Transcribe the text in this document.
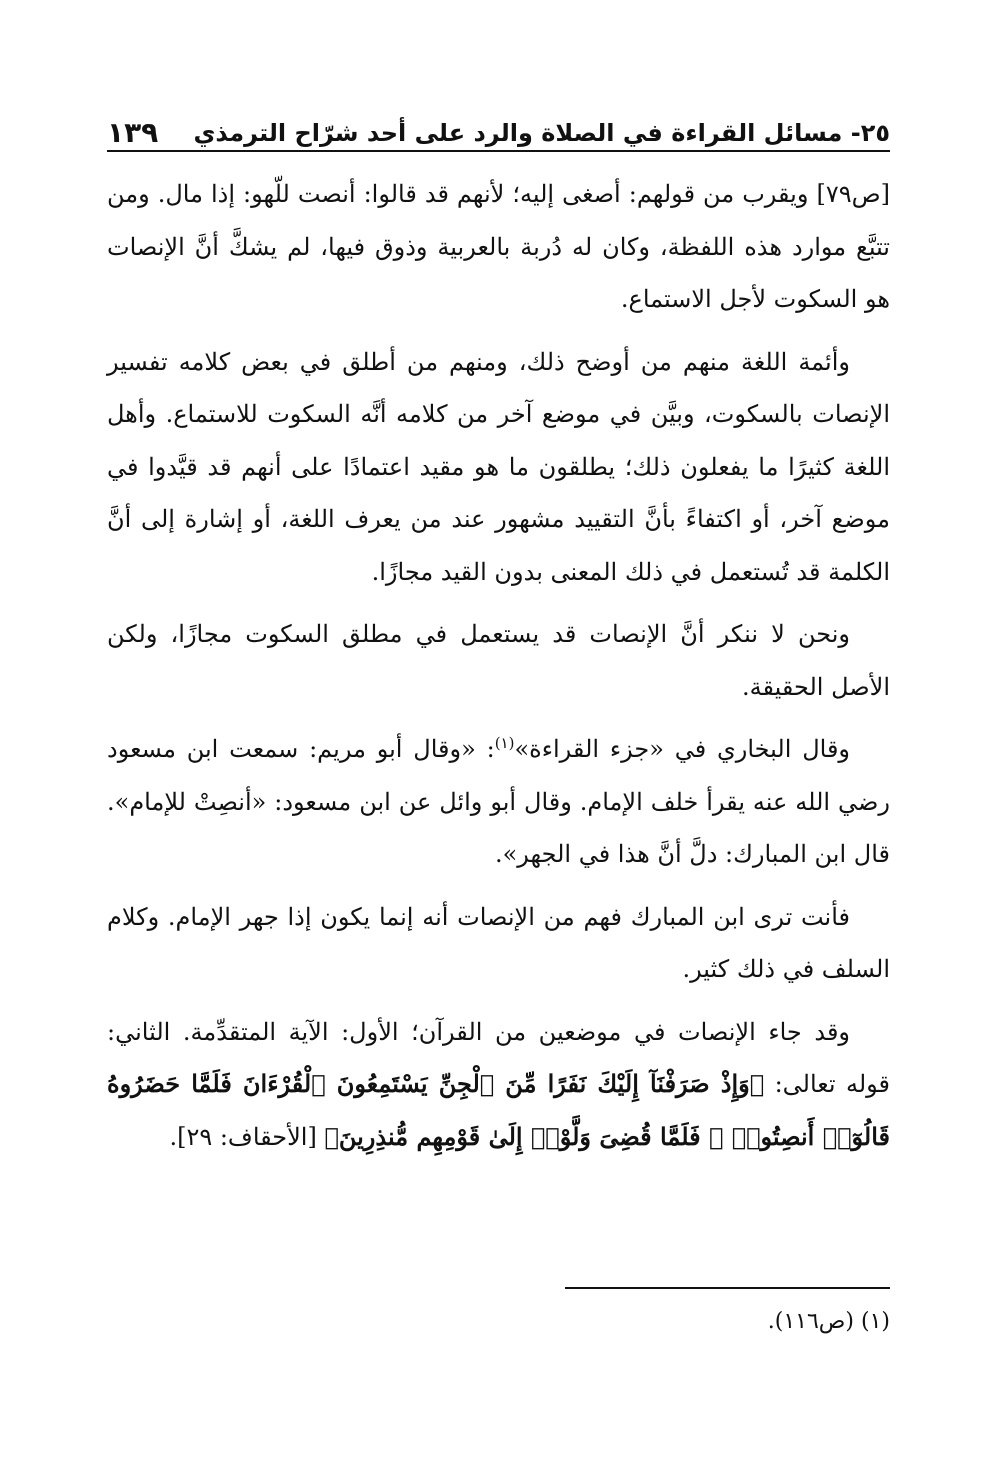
٢٥- مسائل القراءة في الصلاة والرد على أحد شرّاح الترمذي
١٣٩

[ص٧٩] ويقرب من قولهم: أصغى إليه؛ لأنهم قد قالوا: أنصت للّهو: إذا مال. ومن تتبَّع موارد هذه اللفظة، وكان له دُربة بالعربية وذوق فيها، لم يشكَّ أنَّ الإنصات هو السكوت لأجل الاستماع.

وأئمة اللغة منهم من أوضح ذلك، ومنهم من أطلق في بعض كلامه تفسير الإنصات بالسكوت، وبيَّن في موضع آخر من كلامه أنَّه السكوت للاستماع. وأهل اللغة كثيرًا ما يفعلون ذلك؛ يطلقون ما هو مقيد اعتمادًا على أنهم قد قيَّدوا في موضع آخر، أو اكتفاءً بأنَّ التقييد مشهور عند من يعرف اللغة، أو إشارة إلى أنَّ الكلمة قد تُستعمل في ذلك المعنى بدون القيد مجازًا.

ونحن لا ننكر أنَّ الإنصات قد يستعمل في مطلق السكوت مجازًا، ولكن الأصل الحقيقة.

وقال البخاري في «جزء القراءة»$^{(١)}$: «وقال أبو مريم: سمعت ابن مسعود رضي الله عنه يقرأ خلف الإمام. وقال أبو وائل عن ابن مسعود: «أنصِتْ للإمام». قال ابن المبارك: دلَّ أنَّ هذا في الجهر».

فأنت ترى ابن المبارك فهم من الإنصات أنه إنما يكون إذا جهر الإمام. وكلام السلف في ذلك كثير.

وقد جاء الإنصات في موضعين من القرآن؛ الأول: الآية المتقدِّمة. الثاني: قوله تعالى: ﴿وَإِذْ صَرَفْنَآ إِلَيْكَ نَفَرًا مِّنَ ٱلْجِنِّ يَسْتَمِعُونَ ٱلْقُرْءَانَ فَلَمَّا حَضَرُوهُ قَالُوٓا۟ أَنصِتُوا۟ ۖ فَلَمَّا قُضِىَ وَلَّوْا۟ إِلَىٰ قَوْمِهِم مُّنذِرِينَ﴾ [الأحقاف: ٢٩].

(١) (ص١١٦).
